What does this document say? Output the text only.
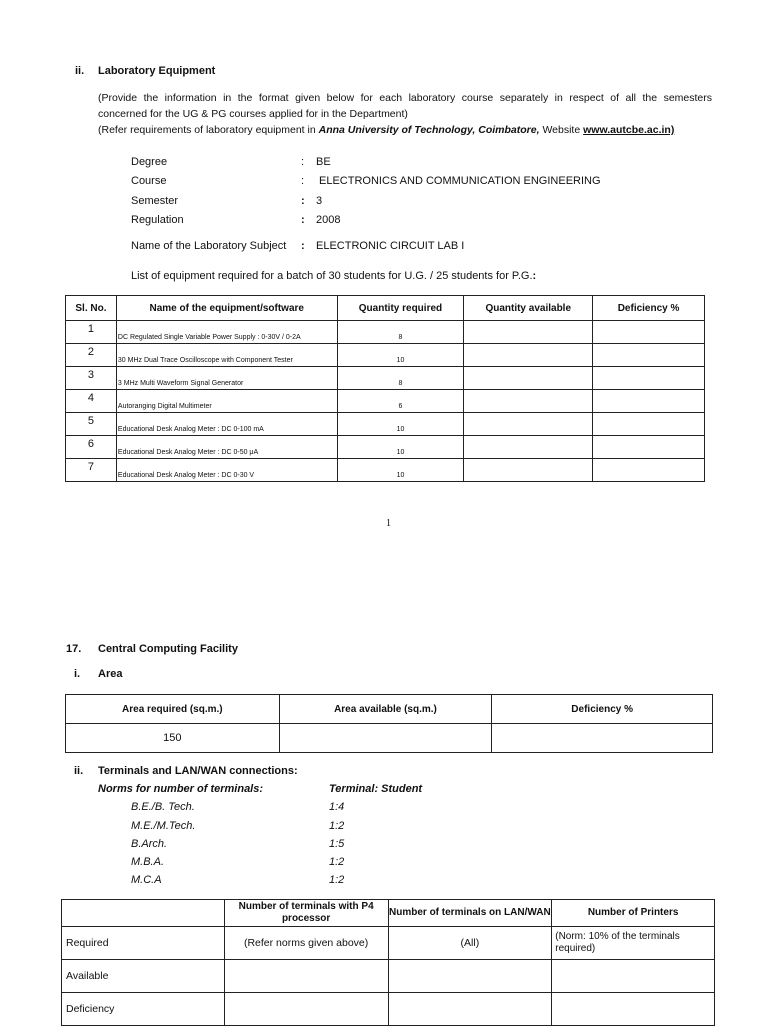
ii. Laboratory Equipment
(Provide the information in the format given below for each laboratory course separately in respect of all the semesters
concerned for the UG & PG courses applied for in the Department)
(Refer requirements of laboratory equipment in Anna University of Technology, Coimbatore, Website www.autcbe.ac.in)
Degree	: BE
Course	: ELECTRONICS AND COMMUNICATION ENGINEERING
Semester	: 3
Regulation	: 2008
Name of the Laboratory Subject : ELECTRONIC CIRCUIT LAB I
List of equipment required for a batch of 30 students for U.G. / 25 students for P.G.:
Sl. No.	Name of the equipment/software	Quantity required	Quantity available	Deficiency %
1	DC Regulated Single Variable Power Supply : 0-30V / 0-2A	8		
2	30 MHz Dual Trace Oscilloscope with Component Tester	10		
3	3 MHz Multi Waveform Signal Generator	8		
4	Autoranging Digital Multimeter	6		
5	Educational Desk Analog Meter : DC 0-100 mA	10		
6	Educational Desk Analog Meter : DC 0-50 μA	10		
7	Educational Desk Analog Meter : DC 0-30 V	10		
1
17. Central Computing Facility
i. Area
Area required (sq.m.)	Area available (sq.m.)	Deficiency %
150		
ii. Terminals and LAN/WAN connections:
Norms for number of terminals:	Terminal: Student
B.E./B. Tech.	1:4
M.E./M.Tech.	1:2
B.Arch.	1:5
M.B.A.	1:2
M.C.A	1:2
	Number of terminals with P4 processor	Number of terminals on LAN/WAN	Number of Printers
Required	(Refer norms given above)	(All)	(Norm: 10% of the terminals required)
Available			
Deficiency			
